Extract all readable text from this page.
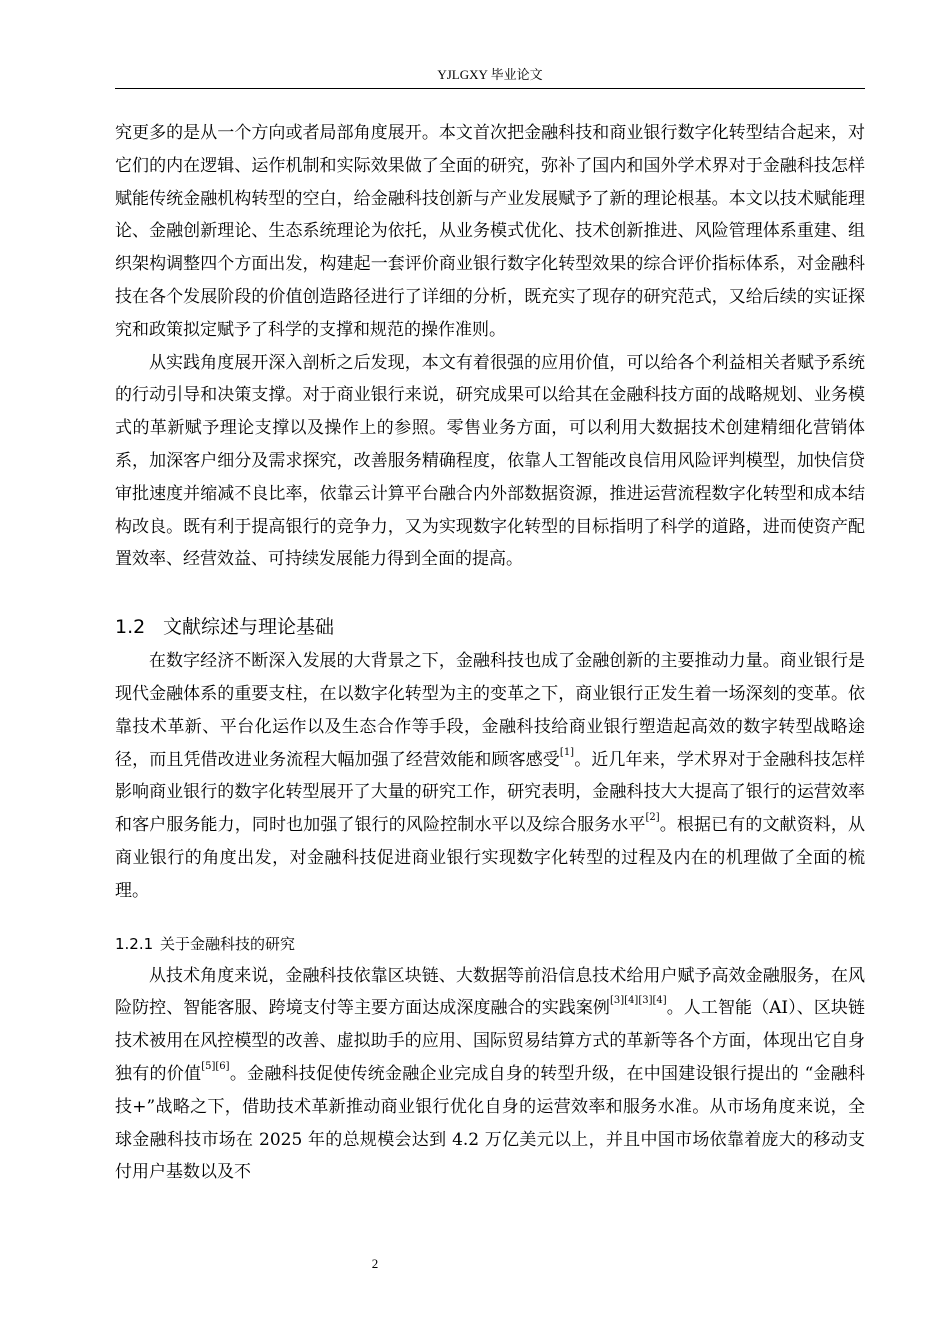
YJLGXY 毕业论文

究更多的是从一个方向或者局部角度展开。本文首次把金融科技和商业银行数字化转型结合起来，对它们的内在逻辑、运作机制和实际效果做了全面的研究，弥补了国内和国外学术界对于金融科技怎样赋能传统金融机构转型的空白，给金融科技创新与产业发展赋予了新的理论根基。本文以技术赋能理论、金融创新理论、生态系统理论为依托，从业务模式优化、技术创新推进、风险管理体系重建、组织架构调整四个方面出发，构建起一套评价商业银行数字化转型效果的综合评价指标体系，对金融科技在各个发展阶段的价值创造路径进行了详细的分析，既充实了现存的研究范式，又给后续的实证探究和政策拟定赋予了科学的支撑和规范的操作准则。

从实践角度展开深入剖析之后发现，本文有着很强的应用价值，可以给各个利益相关者赋予系统的行动引导和决策支撑。对于商业银行来说，研究成果可以给其在金融科技方面的战略规划、业务模式的革新赋予理论支撑以及操作上的参照。零售业务方面，可以利用大数据技术创建精细化营销体系，加深客户细分及需求探究，改善服务精确程度，依靠人工智能改良信用风险评判模型，加快信贷审批速度并缩减不良比率，依靠云计算平台融合内外部数据资源，推进运营流程数字化转型和成本结构改良。既有利于提高银行的竞争力，又为实现数字化转型的目标指明了科学的道路，进而使资产配置效率、经营效益、可持续发展能力得到全面的提高。

1.2 文献综述与理论基础

在数字经济不断深入发展的大背景之下，金融科技也成了金融创新的主要推动力量。商业银行是现代金融体系的重要支柱，在以数字化转型为主的变革之下，商业银行正发生着一场深刻的变革。依靠技术革新、平台化运作以及生态合作等手段，金融科技给商业银行塑造起高效的数字转型战略途径，而且凭借改进业务流程大幅加强了经营效能和顾客感受[1]。近几年来，学术界对于金融科技怎样影响商业银行的数字化转型展开了大量的研究工作，研究表明，金融科技大大提高了银行的运营效率和客户服务能力，同时也加强了银行的风险控制水平以及综合服务水平[2]。根据已有的文献资料，从商业银行的角度出发，对金融科技促进商业银行实现数字化转型的过程及内在的机理做了全面的梳理。

1.2.1 关于金融科技的研究

从技术角度来说，金融科技依靠区块链、大数据等前沿信息技术给用户赋予高效金融服务，在风险防控、智能客服、跨境支付等主要方面达成深度融合的实践案例[3][4][3][4]。人工智能（AI）、区块链技术被用在风控模型的改善、虚拟助手的应用、国际贸易结算方式的革新等各个方面，体现出它自身独有的价值[5][6]。金融科技促使传统金融企业完成自身的转型升级，在中国建设银行提出的 “金融科技+”战略之下，借助技术革新推动商业银行优化自身的运营效率和服务水准。从市场角度来说，全球金融科技市场在 2025 年的总规模会达到 4.2 万亿美元以上，并且中国市场依靠着庞大的移动支付用户基数以及不

2
